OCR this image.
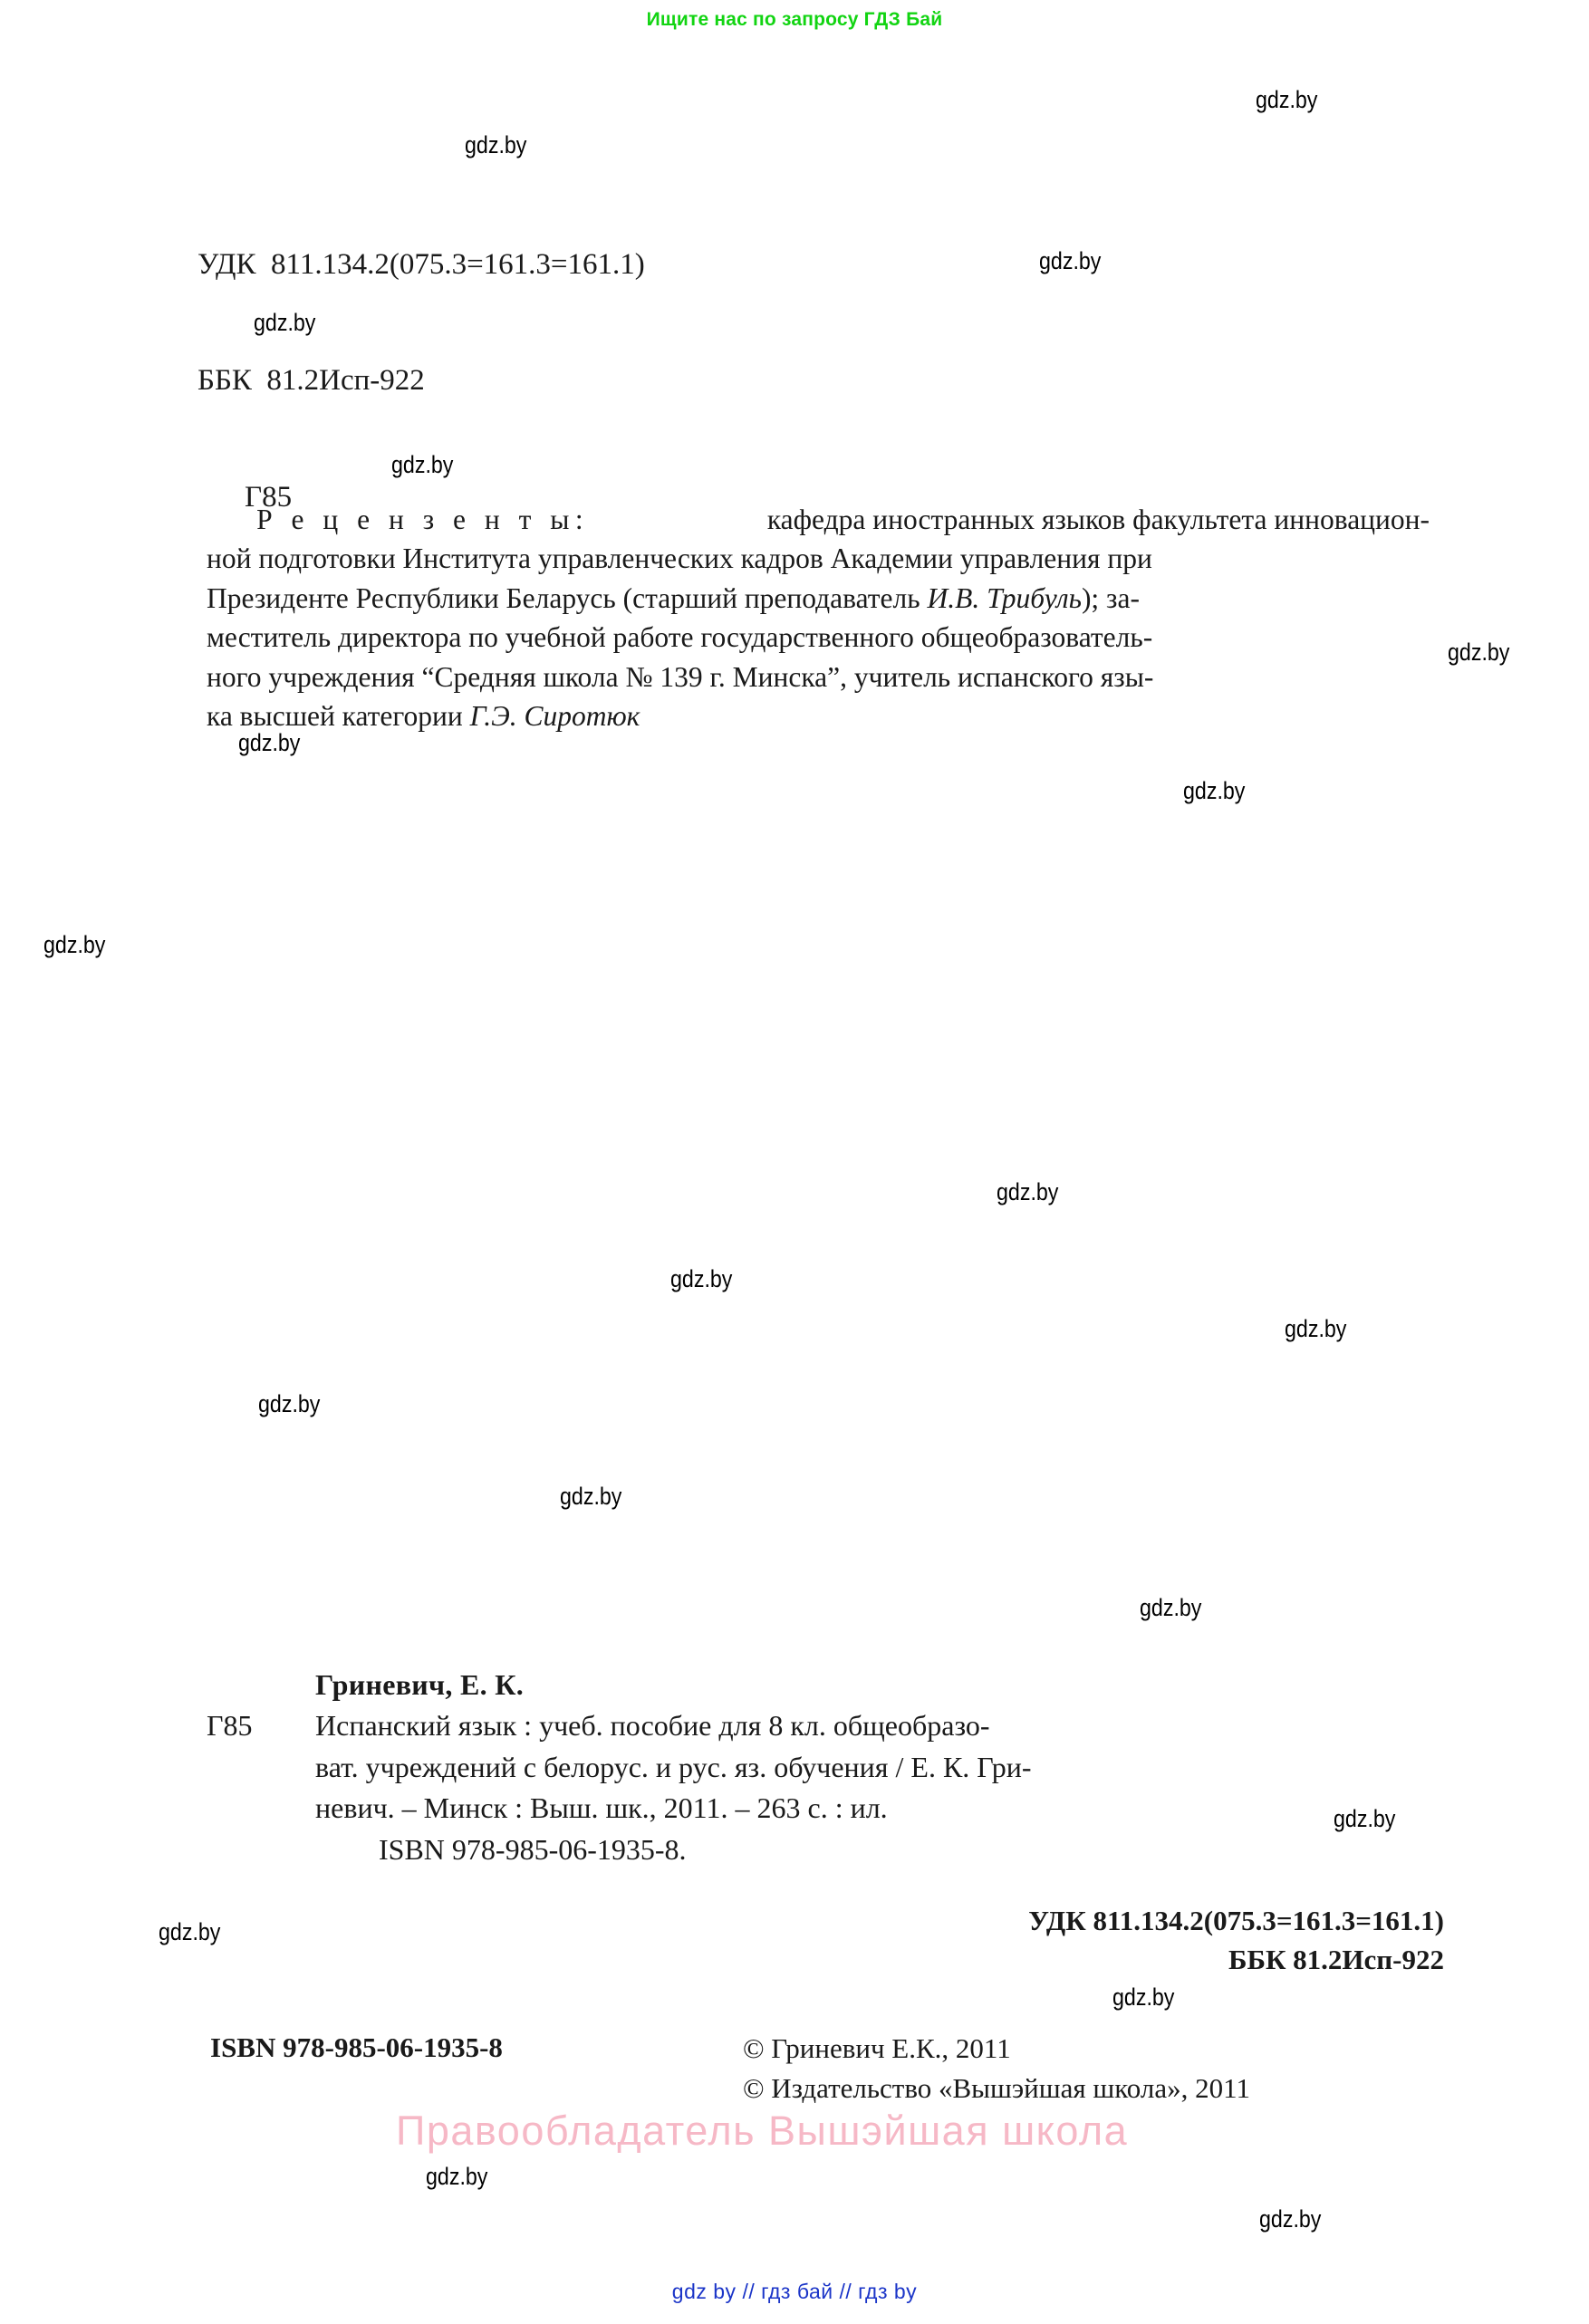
Ищите нас по запросу ГДЗ Бай

УДК  811.134.2(075.3=161.3=161.1)

ББК  81.2Исп-922

Г85

Р е ц е н з е н т ы:	кафедра иностранных языков факультета инновацион-
ной подготовки Института управленческих кадров Академии управления при
Президенте Республики Беларусь (старший преподаватель И.В. Трибуль); за-
меститель директора по учебной работе государственного общеобразователь-
ного учреждения “Средняя школа № 139 г. Минска”, учитель испанского язы-
ка высшей категории Г.Э. Сиротюк
Гриневич, Е. К.
Г85 Испанский язык : учеб. пособие для 8 кл. общеобразо-
ват. учреждений с белорус. и рус. яз. обучения / Е. К. Гри-
невич. – Минск : Выш. шк., 2011. – 263 с. : ил.
ISBN 978-985-06-1935-8.
УДК 811.134.2(075.3=161.3=161.1)
ББК 81.2Исп-922
ISBN 978-985-06-1935-8	© Гриневич Е.К., 2011
© Издательство «Вышэйшая школа», 2011
Правообладатель Вышэйшая школа
gdz.by
gdz.by
gdz.by
gdz.by
gdz.by
gdz.by
gdz.by
gdz.by
gdz.by
gdz.by
gdz.by
gdz.by
gdz.by
gdz.by
gdz.by
gdz.by
gdz.by
gdz.by
gdz.by
gdz.by
gdz by // гдз бай // гдз by
